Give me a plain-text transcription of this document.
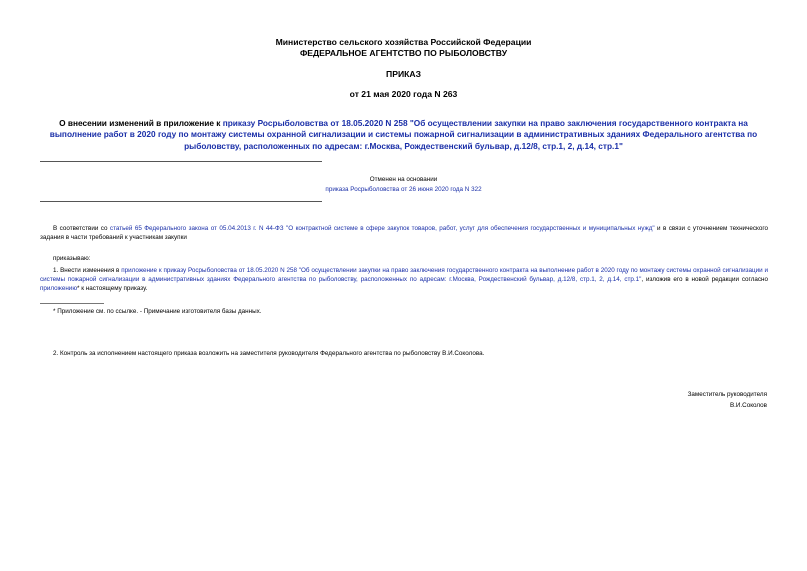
Министерство сельского хозяйства Российской Федерации
ФЕДЕРАЛЬНОЕ АГЕНТСТВО ПО РЫБОЛОВСТВУ
ПРИКАЗ
от 21 мая 2020 года N 263
О внесении изменений в приложение к приказу Росрыболовства от 18.05.2020 N 258 "Об осуществлении закупки на право заключения государственного контракта на выполнение работ в 2020 году по монтажу системы охранной сигнализации и системы пожарной сигнализации в административных зданиях Федерального агентства по рыболовству, расположенных по адресам: г.Москва, Рождественский бульвар, д.12/8, стр.1, 2, д.14, стр.1"
Отменен на основании
приказа Росрыболовства от 26 июня 2020 года N 322
В соответствии со статьей 65 Федерального закона от 05.04.2013 г. N 44-ФЗ "О контрактной системе в сфере закупок товаров, работ, услуг для обеспечения государственных и муниципальных нужд" и в связи с уточнением технического задания в части требований к участникам закупки
приказываю:
1. Внести изменения в приложение к приказу Росрыболовства от 18.05.2020 N 258 "Об осуществлении закупки на право заключения государственного контракта на выполнение работ в 2020 году по монтажу системы охранной сигнализации и системы пожарной сигнализации в административных зданиях Федерального агентства по рыболовству, расположенных по адресам: г.Москва, Рождественский бульвар, д.12/8, стр.1, 2, д.14, стр.1", изложив его в новой редакции согласно приложению* к настоящему приказу.
* Приложение см. по ссылке. - Примечание изготовителя базы данных.
2. Контроль за исполнением настоящего приказа возложить на заместителя руководителя Федерального агентства по рыболовству В.И.Соколова.
Заместитель руководителя
В.И.Соколов
